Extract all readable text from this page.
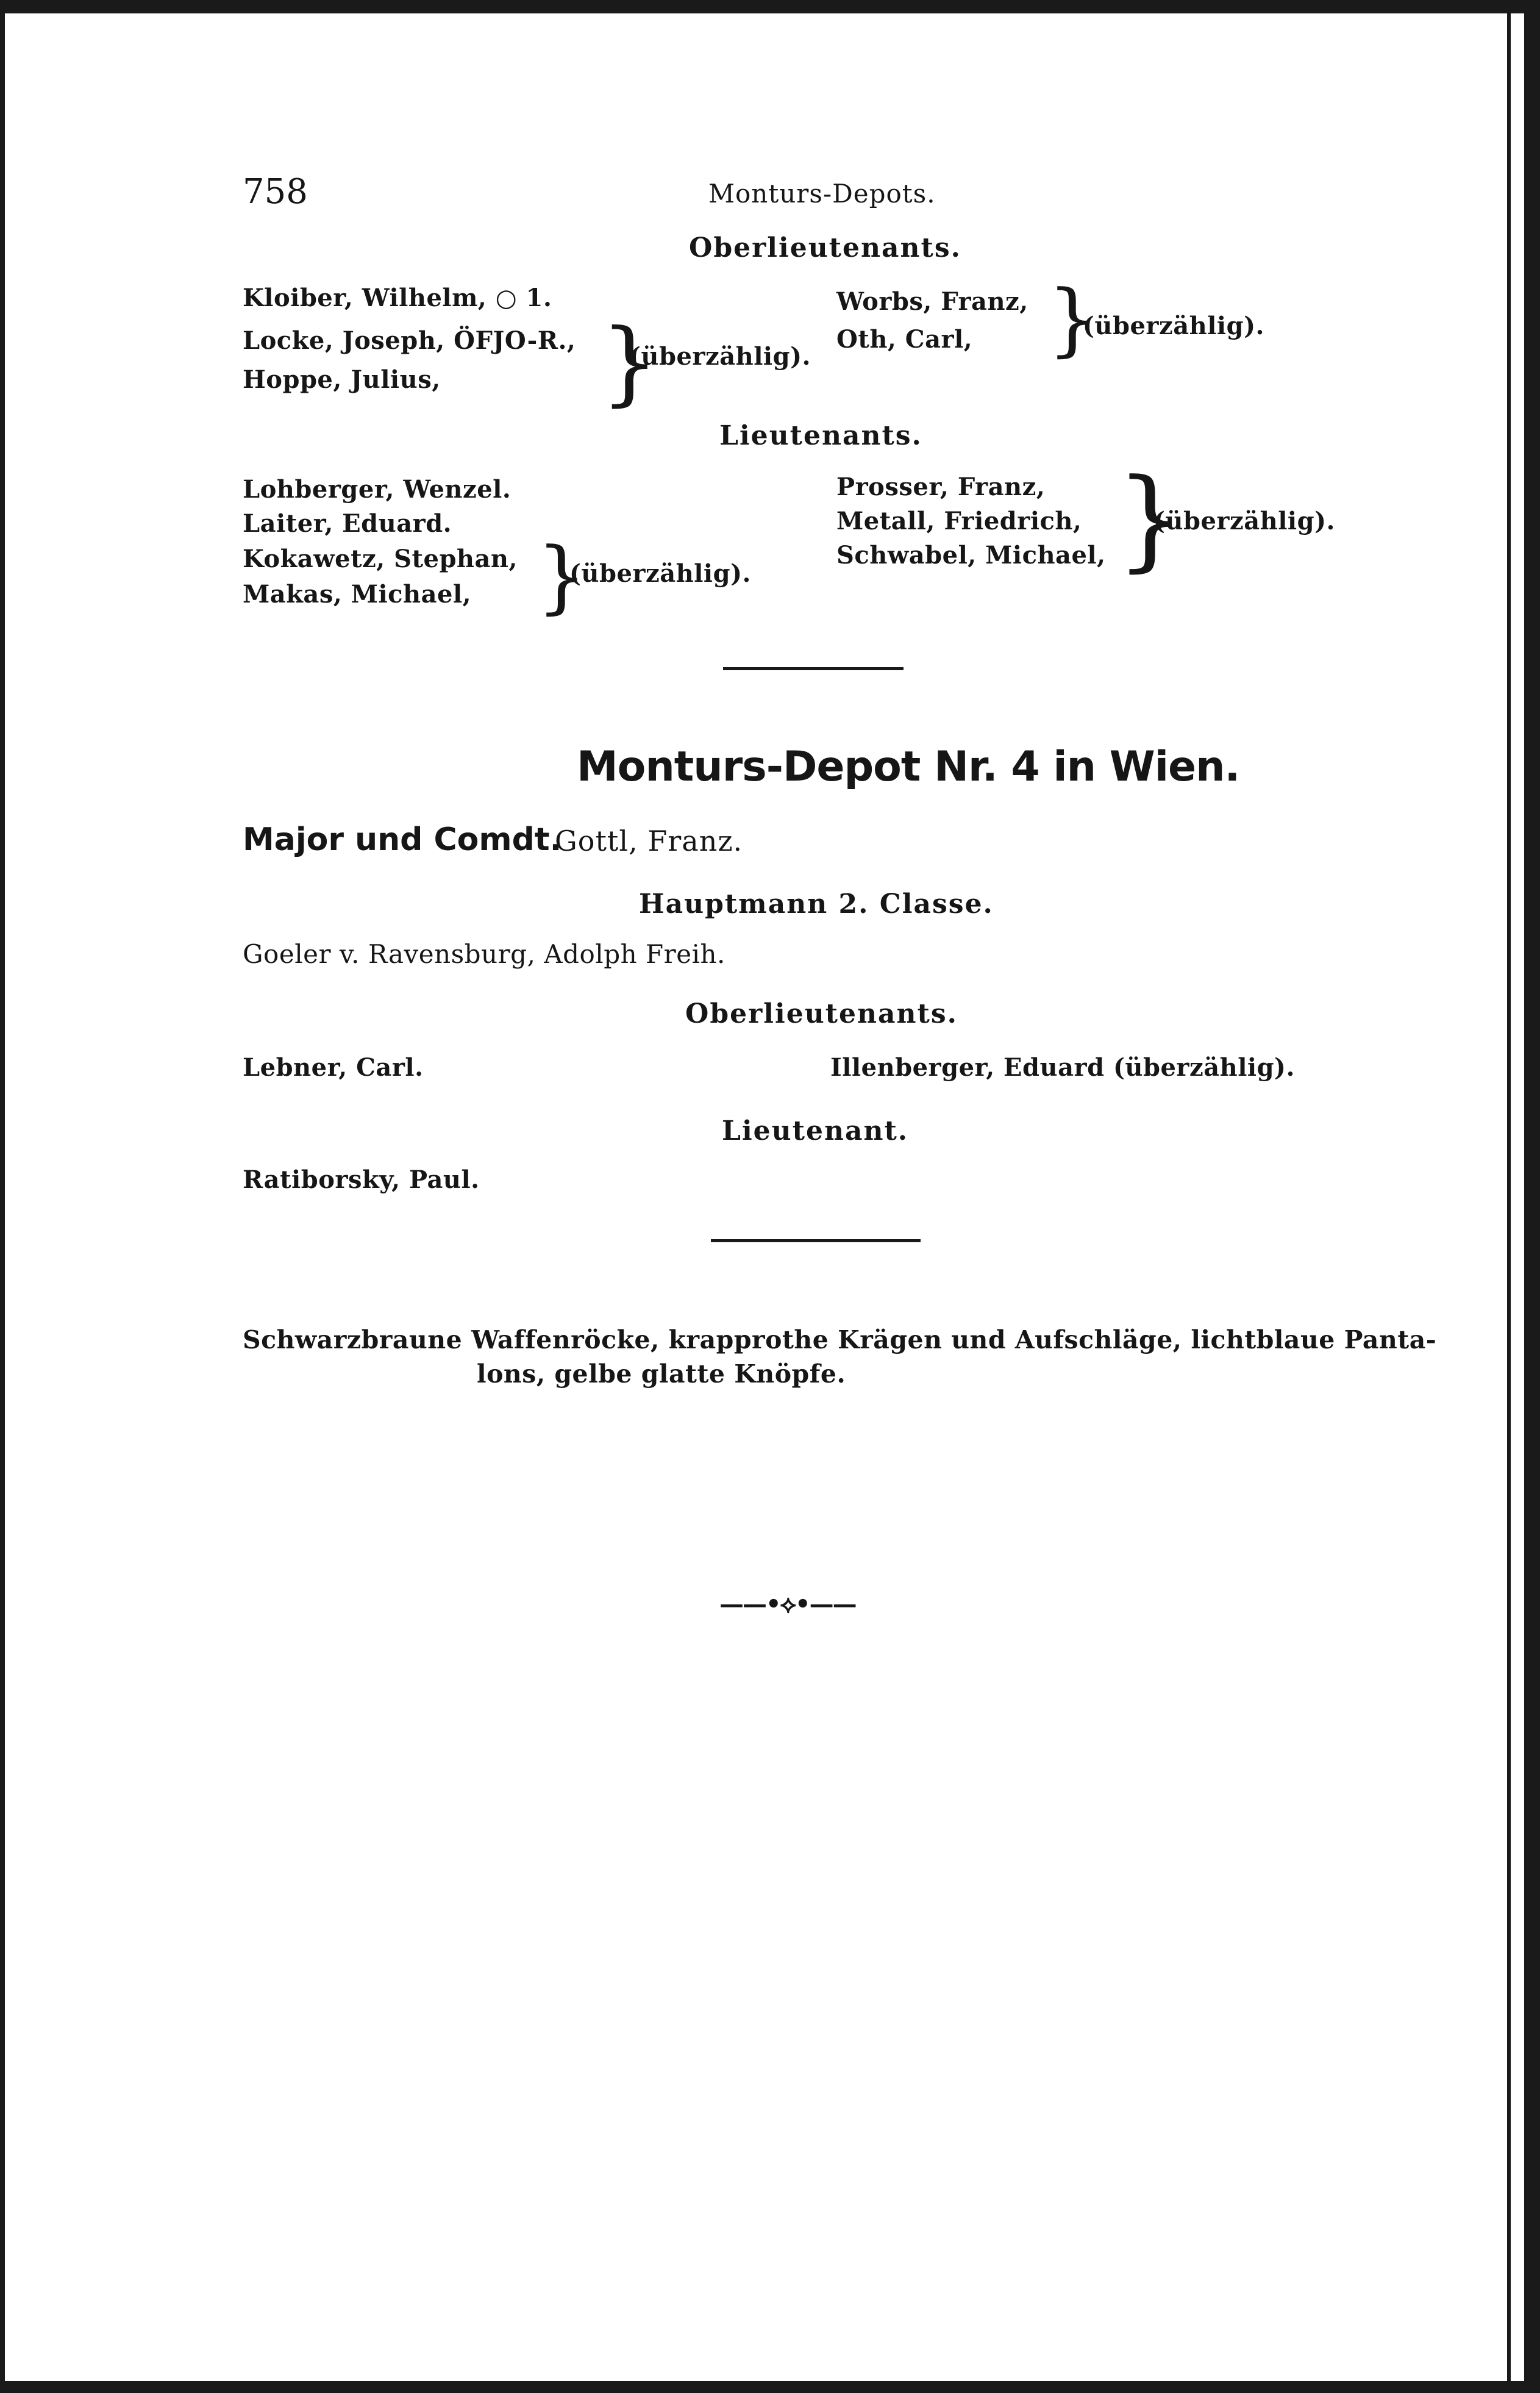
758	Monturs-Depots.
Oberlieutenants.
Kloiber, Wilhelm, ○ 1.
Locke, Joseph, ÖFJO-R.,
Hoppe, Julius, }
(überzählig).
Worbs, Franz,
Oth, Carl, }
(überzählig).
Lieutenants.
Lohberger, Wenzel.
Laiter, Eduard.
Kokawetz, Stephan,
Makas, Michael, }
(überzählig).
Prosser, Franz,
Metall, Friedrich,
Schwabel, Michael, }
(überzählig).
Monturs-Depot Nr. 4 in Wien.
Major und Comdt.
Gottl, Franz.
Hauptmann 2. Classe.
Goeler v. Ravensburg, Adolph Freih.
Oberlieutenants.
Lebner, Carl.	Illenberger, Eduard (überzählig).
Lieutenant.
Ratiborsky, Paul.
Schwarzbraune Waffenröcke, krapprothe Krägen und Aufschläge, lichtblaue Panta-
lons, gelbe glatte Knöpfe.
——•⟡•——
